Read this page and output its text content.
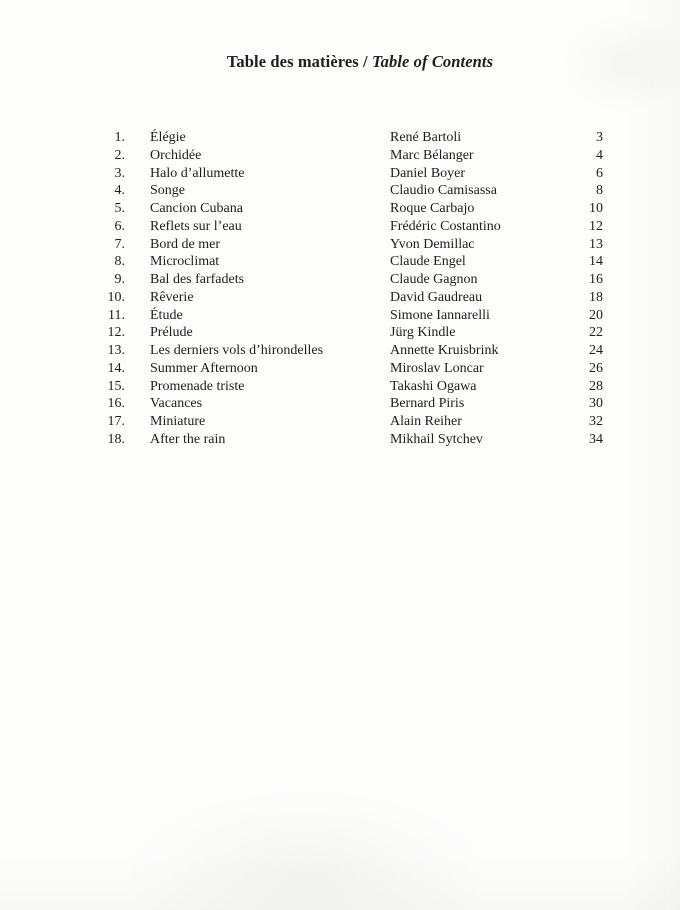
Table des matières / Table of Contents
1.	Élégie	René Bartoli	3
2.	Orchidée	Marc Bélanger	4
3.	Halo d’allumette	Daniel Boyer	6
4.	Songe	Claudio Camisassa	8
5.	Cancion Cubana	Roque Carbajo	10
6.	Reflets sur l’eau	Frédéric Costantino	12
7.	Bord de mer	Yvon Demillac	13
8.	Microclimat	Claude Engel	14
9.	Bal des farfadets	Claude Gagnon	16
10.	Rêverie	David Gaudreau	18
11.	Étude	Simone Iannarelli	20
12.	Prélude	Jürg Kindle	22
13.	Les derniers vols d’hirondelles	Annette Kruisbrink	24
14.	Summer Afternoon	Miroslav Loncar	26
15.	Promenade triste	Takashi Ogawa	28
16.	Vacances	Bernard Piris	30
17.	Miniature	Alain Reiher	32
18.	After the rain	Mikhail Sytchev	34
